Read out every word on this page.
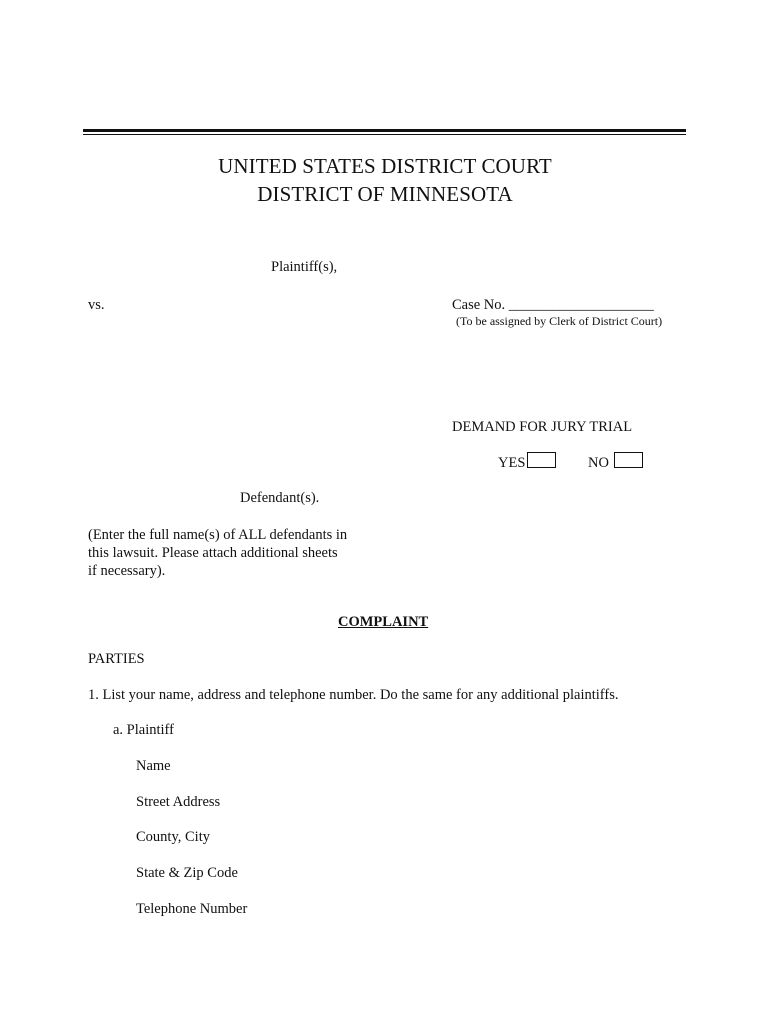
UNITED STATES DISTRICT COURT
DISTRICT OF MINNESOTA
Plaintiff(s),
vs.	Case No. ____________________
(To be assigned by Clerk of District Court)
DEMAND FOR JURY TRIAL
YES	NO
Defendant(s).
(Enter the full name(s) of ALL defendants in
this lawsuit. Please attach additional sheets
if necessary).
COMPLAINT
PARTIES
1. List your name, address and telephone number. Do the same for any additional plaintiffs.
a. Plaintiff
Name
Street Address
County, City
State & Zip Code
Telephone Number
